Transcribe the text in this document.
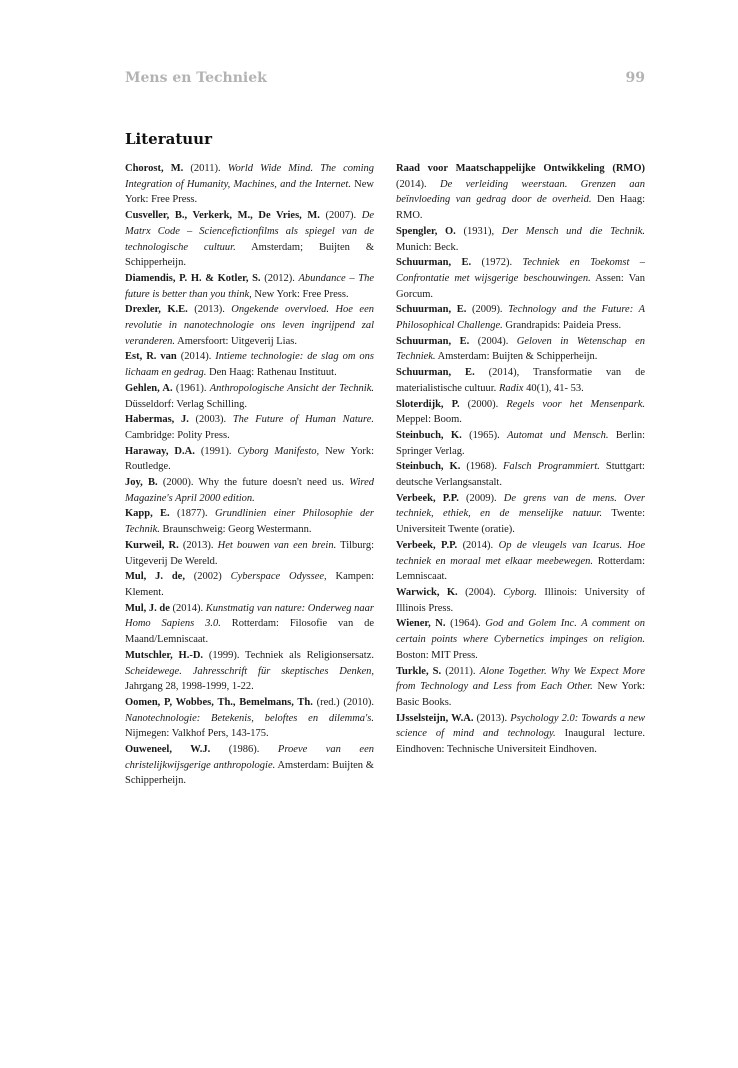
Mens en Techniek	99
Literatuur

Chorost, M. (2011). World Wide Mind. The coming Integration of Humanity, Machines, and the Internet. New York: Free Press.

Cusveller, B., Verkerk, M., De Vries, M. (2007). De Matrx Code – Sciencefictionfilms als spiegel van de technologische cultuur. Amsterdam; Buijten & Schipperheijn.

Diamendis, P. H. & Kotler, S. (2012). Abundance – The future is better than you think, New York: Free Press.

Drexler, K.E. (2013). Ongekende overvloed. Hoe een revolutie in nanotechnologie ons leven ingrijpend zal veranderen. Amersfoort: Uitgeverij Lias.

Est, R. van (2014). Intieme technologie: de slag om ons lichaam en gedrag. Den Haag: Rathenau Instituut.

Gehlen, A. (1961). Anthropologische Ansicht der Technik. Düsseldorf: Verlag Schilling.

Habermas, J. (2003). The Future of Human Nature. Cambridge: Polity Press.

Haraway, D.A. (1991). Cyborg Manifesto, New York: Routledge.

Joy, B. (2000). Why the future doesn't need us. Wired Magazine's April 2000 edition.

Kapp, E. (1877). Grundlinien einer Philosophie der Technik. Braunschweig: Georg Westermann.

Kurweil, R. (2013). Het bouwen van een brein. Tilburg: Uitgeverij De Wereld.

Mul, J. de, (2002) Cyberspace Odyssee, Kampen: Klement.

Mul, J. de (2014). Kunstmatig van nature: Onderweg naar Homo Sapiens 3.0. Rotterdam: Filosofie van de Maand/Lemniscaat.

Mutschler, H.-D. (1999). Techniek als Religionsersatz. Scheidewege. Jahresschrift für skeptisches Denken, Jahrgang 28, 1998-1999, 1-22.

Oomen, P, Wobbes, Th., Bemelmans, Th. (red.) (2010). Nanotechnologie: Betekenis, beloftes en dilemma's. Nijmegen: Valkhof Pers, 143-175.

Ouweneel, W.J. (1986). Proeve van een christelijkwijsgerige anthropologie. Amsterdam: Buijten & Schipperheijn.

Raad voor Maatschappelijke Ontwikkeling (RMO) (2014). De verleiding weerstaan. Grenzen aan beïnvloeding van gedrag door de overheid. Den Haag: RMO.

Spengler, O. (1931), Der Mensch und die Technik. Munich: Beck.

Schuurman, E. (1972). Techniek en Toekomst – Confrontatie met wijsgerige beschouwingen. Assen: Van Gorcum.

Schuurman, E. (2009). Technology and the Future: A Philosophical Challenge. Grandrapids: Paideia Press.

Schuurman, E. (2004). Geloven in Wetenschap en Techniek. Amsterdam: Buijten & Schipperheijn.

Schuurman, E. (2014), Transformatie van de materialistische cultuur. Radix 40(1), 41- 53.

Sloterdijk, P. (2000). Regels voor het Mensenpark. Meppel: Boom.

Steinbuch, K. (1965). Automat und Mensch. Berlin: Springer Verlag.

Steinbuch, K. (1968). Falsch Programmiert. Stuttgart: deutsche Verlangsanstalt.

Verbeek, P.P. (2009). De grens van de mens. Over techniek, ethiek, en de menselijke natuur. Twente: Universiteit Twente (oratie).

Verbeek, P.P. (2014). Op de vleugels van Icarus. Hoe techniek en moraal met elkaar meebewegen. Rotterdam: Lemniscaat.

Warwick, K. (2004). Cyborg. Illinois: University of Illinois Press.

Wiener, N. (1964). God and Golem Inc. A comment on certain points where Cybernetics impinges on religion. Boston: MIT Press.

Turkle, S. (2011). Alone Together. Why We Expect More from Technology and Less from Each Other. New York: Basic Books.

IJsselsteijn, W.A. (2013). Psychology 2.0: Towards a new science of mind and technology. Inaugural lecture. Eindhoven: Technische Universiteit Eindhoven.
